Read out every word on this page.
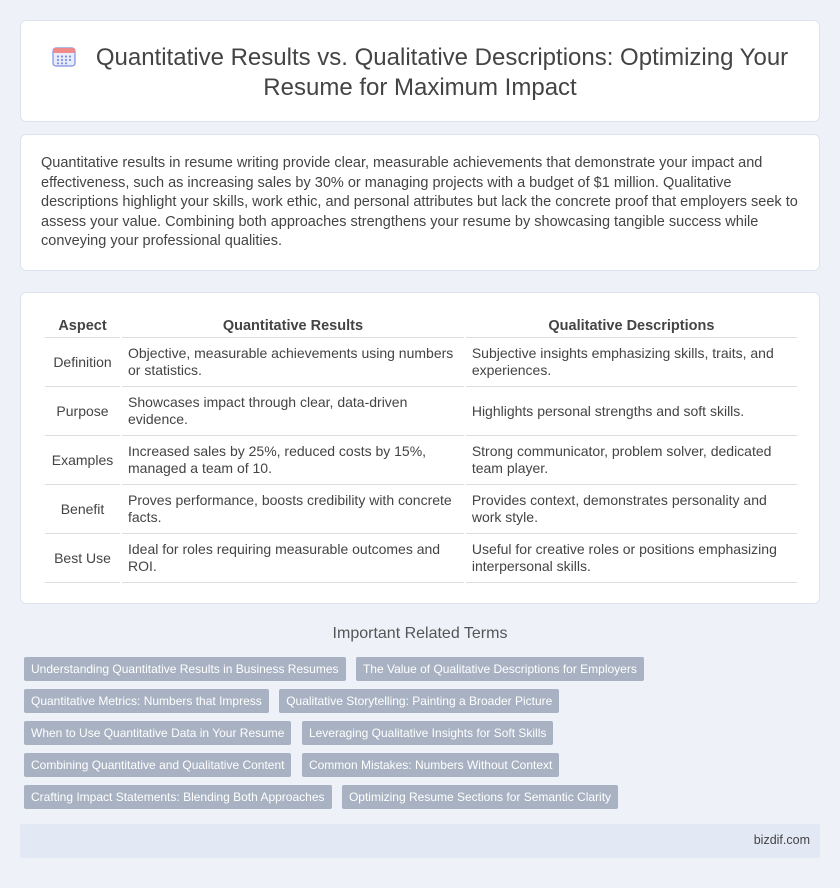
Quantitative Results vs. Qualitative Descriptions: Optimizing Your Resume for Maximum Impact

Quantitative results in resume writing provide clear, measurable achievements that demonstrate your impact and effectiveness, such as increasing sales by 30% or managing projects with a budget of $1 million. Qualitative descriptions highlight your skills, work ethic, and personal attributes but lack the concrete proof that employers seek to assess your value. Combining both approaches strengthens your resume by showcasing tangible success while conveying your professional qualities.

Aspect	Quantitative Results	Qualitative Descriptions
Definition	Objective, measurable achievements using numbers or statistics.	Subjective insights emphasizing skills, traits, and experiences.
Purpose	Showcases impact through clear, data-driven evidence.	Highlights personal strengths and soft skills.
Examples	Increased sales by 25%, reduced costs by 15%, managed a team of 10.	Strong communicator, problem solver, dedicated team player.
Benefit	Proves performance, boosts credibility with concrete facts.	Provides context, demonstrates personality and work style.
Best Use	Ideal for roles requiring measurable outcomes and ROI.	Useful for creative roles or positions emphasizing interpersonal skills.
Important Related Terms
Understanding Quantitative Results in Business Resumes The Value of Qualitative Descriptions for Employers
Quantitative Metrics: Numbers that Impress Qualitative Storytelling: Painting a Broader Picture
When to Use Quantitative Data in Your Resume Leveraging Qualitative Insights for Soft Skills
Combining Quantitative and Qualitative Content Common Mistakes: Numbers Without Context
Crafting Impact Statements: Blending Both Approaches Optimizing Resume Sections for Semantic Clarity
bizdif.com
